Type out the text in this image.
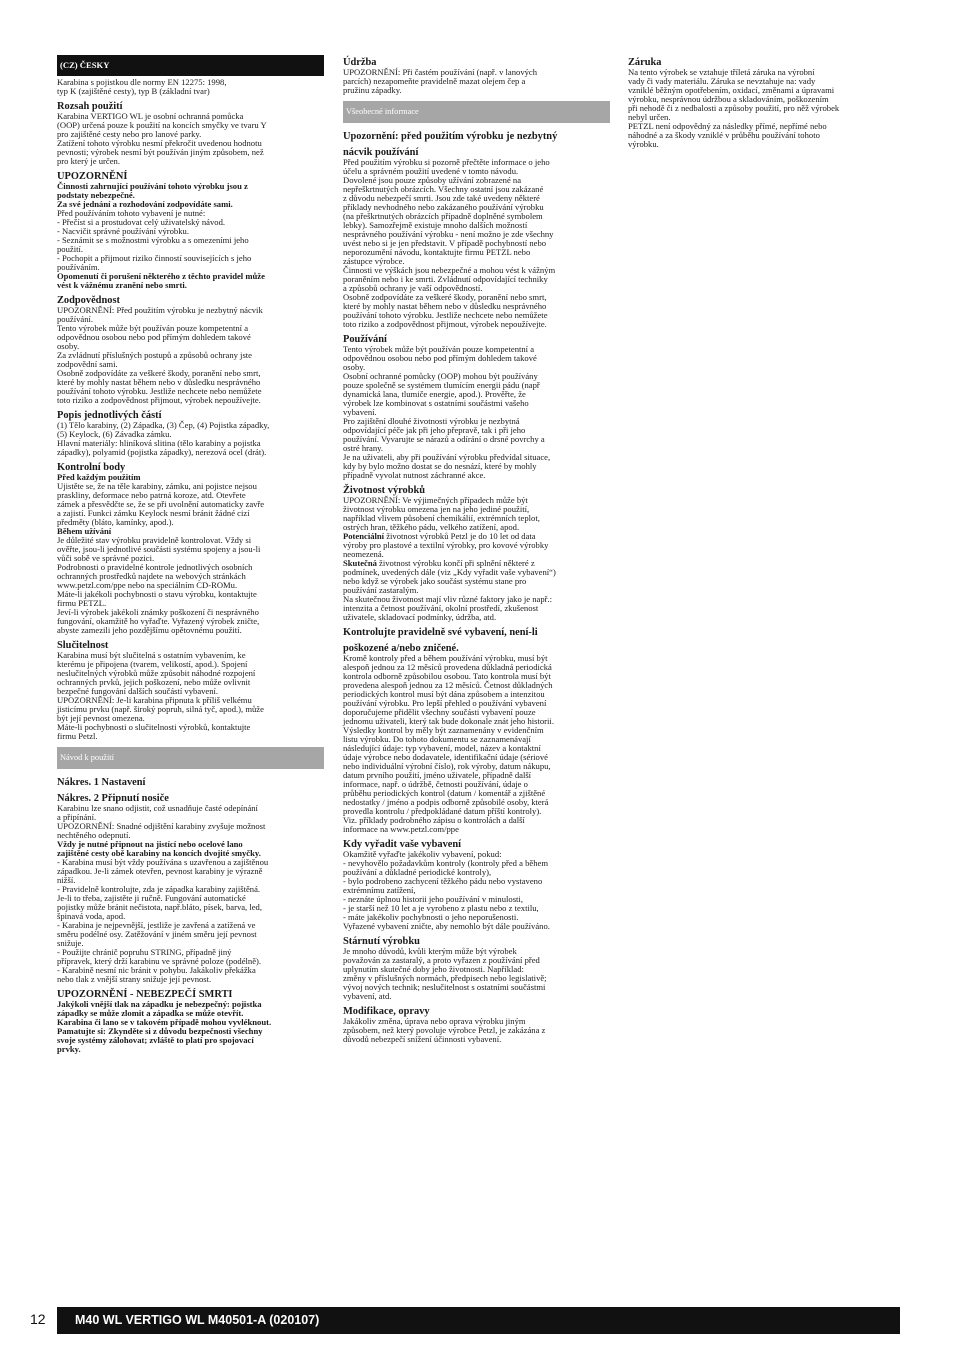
(CZ) ČESKY

Karabina s pojistkou dle normy EN 12275: 1998,

typ K (zajištěné cesty), typ B (základní tvar)

Rozsah použití

Karabina VERTIGO WL je osobní ochranná pomůcka

(OOP) určená pouze k použití na koncích smyčky ve tvaru Y

pro zajištěné cesty nebo pro lanové parky.

Zatížení tohoto výrobku nesmí překročit uvedenou hodnotu

pevnosti; výrobek nesmí být používán jiným způsobem, než

pro který je určen.

UPOZORNĚNÍ

Činnosti zahrnující používání tohoto výrobku jsou z

podstaty nebezpečné.

Za své jednání a rozhodování zodpovídáte sami.

Před používáním tohoto vybavení je nutné:

- Přečíst si a prostudovat celý uživatelský návod.

- Nacvičit správné používání výrobku.

- Seznámit se s možnostmi výrobku a s omezeními jeho

použití.

- Pochopit a přijmout riziko činností souvisejících s jeho

používáním.

Opomenutí či porušení některého z těchto pravidel může

vést k vážnému zranění nebo smrti.

Zodpovědnost

UPOZORNĚNÍ: Před použitím výrobku je nezbytný nácvik

používání.

Tento výrobek může být používán pouze kompetentní a

odpovědnou osobou nebo pod přímým dohledem takové

osoby.

Za zvládnutí příslušných postupů a způsobů ochrany jste

zodpovědní sami.

Osobně zodpovídáte za veškeré škody, poranění nebo smrt,

které by mohly nastat během nebo v důsledku nesprávného

používání tohoto výrobku. Jestliže nechcete nebo nemůžete

toto riziko a zodpovědnost přijmout, výrobek nepoužívejte.

Popis jednotlivých částí

(1) Tělo karabiny, (2) Západka, (3) Čep, (4) Pojistka západky,

(5) Keylock, (6) Závadka zámku.

Hlavní materiály: hliníková slitina (tělo karabiny a pojistka

západky), polyamid (pojistka západky), nerezová ocel (drát).

Kontrolní body

Před každým použitím

Ujistěte se, že na těle karabiny, zámku, ani pojistce nejsou

praskliny, deformace nebo patrná koroze, atd. Otevřete

zámek a přesvědčte se, že se při uvolnění automaticky zavře

a zajistí. Funkci zámku Keylock nesmí bránit žádné cizí

předměty (bláto, kamínky, apod.).

Během užívání

Je důležité stav výrobku pravidelně kontrolovat. Vždy si

ověřte, jsou-li jednotlivé součásti systému spojeny a jsou-li

vůči sobě ve správné pozici.

Podrobnosti o pravidelné kontrole jednotlivých osobních

ochranných prostředků najdete na webových stránkách

www.petzl.com/ppe nebo na speciálním CD-ROMu.

Máte-li jakékoli pochybnosti o stavu výrobku, kontaktujte

firmu PETZL.

Jeví-li výrobek jakékoli známky poškození či nesprávného

fungování, okamžitě ho vyřaďte. Vyřazený výrobek zničte,

abyste zamezili jeho pozdějšímu opětovnému použití.

Slučitelnost

Karabina musí být slučitelná s ostatním vybavením, ke

kterému je připojena (tvarem, velikostí, apod.). Spojení

neslučitelných výrobků může způsobit náhodné rozpojení

ochranných prvků, jejich poškození, nebo může ovlivnit

bezpečné fungování dalších součástí vybavení.

UPOZORNĚNÍ: Je-li karabina připnuta k příliš velkému

jisticímu prvku (např. široký popruh, silná tyč, apod.), může

být její pevnost omezena.

Máte-li pochybnosti o slučitelnosti výrobků, kontaktujte

firmu Petzl.

Návod k použití
Nákres. 1 Nastavení
Nákres. 2 Připnutí nosiče

Karabinu lze snano odjistit, což usnadňuje časté odepínání

a připínání.

UPOZORNĚNÍ: Snadné odjištění karabiny zvyšuje možnost

nechtěného odepnutí.

Vždy je nutné připnout na jistící nebo ocelové lano

zajištěné cesty obě karabiny na koncích dvojité smyčky.

- Karabina musí být vždy používána s uzavřenou a zajištěnou

západkou. Je-li zámek otevřen, pevnost karabiny je výrazně

nižší.

- Pravidelně kontrolujte, zda je západka karabiny zajištěná.

Je-li to třeba, zajistěte ji ručně. Fungování automatické

pojistky může bránit nečistota, např.bláto, písek, barva, led,

špinavá voda, apod.

- Karabina je nejpevnější, jestliže je zavřená a zatížená ve

směru podélné osy. Zatěžování v jiném směru její pevnost

snižuje.

- Použijte chránič popruhu STRING, případně jiný

přípravek, který drží karabinu ve správné poloze (podélně).

- Karabině nesmí nic bránit v pohybu. Jakákoliv překážka

nebo tlak z vnější strany snižuje její pevnost.

UPOZORNĚNÍ - NEBEZPEČÍ SMRTI

Jakýkoli vnější tlak na západku je nebezpečný: pojistka

západky se může zlomit a západka se může otevřít.

Karabina či lano se v takovém případě mohou vyvléknout.

Pamatujte si: Zkynděte si z důvodu bezpečnosti všechny

svoje systémy zálohovat; zvláště to platí pro spojovací

prvky.

Údržba

UPOZORNĚNÍ: Při častém používání (např. v lanových

parcích) nezapomeňte pravidelně mazat olejem čep a

pružinu západky.

Všeobecné informace
Upozornění: před použitím výrobku je nezbytný
nácvik používání

Před použitím výrobku si pozorně přečtěte informace o jeho

účelu a správném použití uvedené v tomto návodu.

Dovolené jsou pouze způsoby užívání zobrazené na

nepřeškrtnutých obrázcích. Všechny ostatní jsou zakázané

z důvodu nebezpečí smrti. Jsou zde také uvedeny některé

příklady nevhodného nebo zakázaného používání výrobku

(na přeškrtnutých obrázcích případně doplněné symbolem

lebky). Samozřejmě existuje mnoho dalších možností

nesprávného používání výrobku - není možno je zde všechny

uvést nebo si je jen představit. V případě pochybností nebo

neporozumění návodu, kontaktujte firmu PETZL nebo

zástupce výrobce.

Činnosti ve výškách jsou nebezpečné a mohou vést k vážným

poraněním nebo i ke smrti. Zvládnutí odpovídající techniky

a způsobů ochrany je vaší odpovědností.

Osobně zodpovídáte za veškeré škody, poranění nebo smrt,

které by mohly nastat během nebo v důsledku nesprávného

používání tohoto výrobku. Jestliže nechcete nebo nemůžete

toto riziko a zodpovědnost přijmout, výrobek nepoužívejte.

Používání

Tento výrobek může být používán pouze kompetentní a

odpovědnou osobou nebo pod přímým dohledem takové

osoby.

Osobní ochranné pomůcky (OOP) mohou být používány

pouze společně se systémem tlumícím energii pádu (např

dynamická lana, tlumiče energie, apod.). Prověřte, že

výrobek lze kombinovat s ostatními součástmi vašeho

vybavení.

Pro zajištění dlouhé životnosti výrobku je nezbytná

odpovídající péče jak při jeho přepravě, tak i při jeho

používání. Vyvarujte se nárazů a odírání o drsné povrchy a

ostré hrany.

Je na uživateli, aby při používání výrobku předvídal situace,

kdy by bylo možno dostat se do nesnází, které by mohly

případně vyvolat nutnost záchranné akce.

Životnost výrobků

UPOZORNĚNÍ: Ve výjimečných případech může být

životnost výrobku omezena jen na jeho jediné použití,

například vlivem působení chemikálií, extrémních teplot,

ostrých hran, těžkého pádu, velkého zatížení, apod.

Potenciální životnost výrobků Petzl je do 10 let od data

výroby pro plastové a textilní výrobky, pro kovové výrobky

neomezená.

Skutečná životnost výrobku končí při splnění některé z

podmínek, uvedených dále (viz „Kdy vyřadit vaše vybavení“)

nebo když se výrobek jako součást systému stane pro

používání zastaralým.

Na skutečnou životnost mají vliv různé faktory jako je např.:

intenzita a četnost používání, okolní prostředí, zkušenost

uživatele, skladovací podmínky, údržba, atd.

Kontrolujte pravidelně své vybavení, není-li
poškozené a/nebo zničené.

Kromě kontroly před a během používání výrobku, musí být

alespoň jednou za 12 měsíců provedena důkladná periodická

kontrola odborně způsobilou osobou. Tato kontrola musí být

provedena alespoň jednou za 12 měsíců. Četnost důkladných

periodických kontrol musí být dána způsobem a intenzitou

používání výrobku. Pro lepší přehled o používání vybavení

doporučujeme přidělit všechny součásti vybavení pouze

jednomu uživateli, který tak bude dokonale znát jeho historii.

Výsledky kontrol by měly být zaznamenány v evidenčním

listu výrobku. Do tohoto dokumentu se zaznamenávají

následující údaje: typ vybavení, model, název a kontaktní

údaje výrobce nebo dodavatele, identifikační údaje (sériové

nebo individuální výrobní číslo), rok výroby, datum nákupu,

datum prvního použití, jméno uživatele, případně další

informace, např. o údržbě, četnosti používání, údaje o

průběhu periodických kontrol (datum / komentář a zjištěné

nedostatky / jméno a podpis odborně způsobilé osoby, která

provedla kontrolu / předpokládané datum příští kontroly).

Viz. příklady podrobného zápisu o kontrolách a další

informace na www.petzl.com/ppe

Kdy vyřadit vaše vybavení

Okamžitě vyřaďte jakékoliv vybavení, pokud:

- nevyhovělo požadavkům kontroly (kontroly před a během

používání a důkladné periodické kontroly),

- bylo podrobeno zachycení těžkého pádu nebo vystaveno

extrémnímu zatížení,

- neznáte úplnou historii jeho používání v minulosti,

- je starší než 10 let a je vyrobeno z plastu nebo z textilu,

- máte jakékoliv pochybnosti o jeho neporušenosti.

Vyřazené vybavení zničte, aby nemohlo být dále používáno.

Stárnutí výrobku

Je mnoho důvodů, kvůli kterým může být výrobek

považován za zastaralý, a proto vyřazen z používání před

uplynutím skutečné doby jeho životnosti. Například:

změny v příslušných normách, předpisech nebo legislativě;

vývoj nových technik; neslučitelnost s ostatními součástmi

vybavení, atd.

Modifikace, opravy

Jakákoliv změna, úprava nebo oprava výrobku jiným

způsobem, než který povoluje výrobce Petzl, je zakázána z

důvodů nebezpečí snížení účinnosti vybavení.

Záruka

Na tento výrobek se vztahuje tříletá záruka na výrobní

vady či vady materiálu. Záruka se nevztahuje na: vady

vzniklé běžným opotřebením, oxidací, změnami a úpravami

výrobku, nesprávnou údržbou a skladováním, poškozením

při nehodě či z nedbalosti a způsoby použití, pro něž výrobek

nebyl určen.

PETZL není odpovědný za následky přímé, nepřímé nebo

náhodné a za škody vzniklé v průběhu používání tohoto

výrobku.

12	M40 WL VERTIGO WL M40501-A (020107)
